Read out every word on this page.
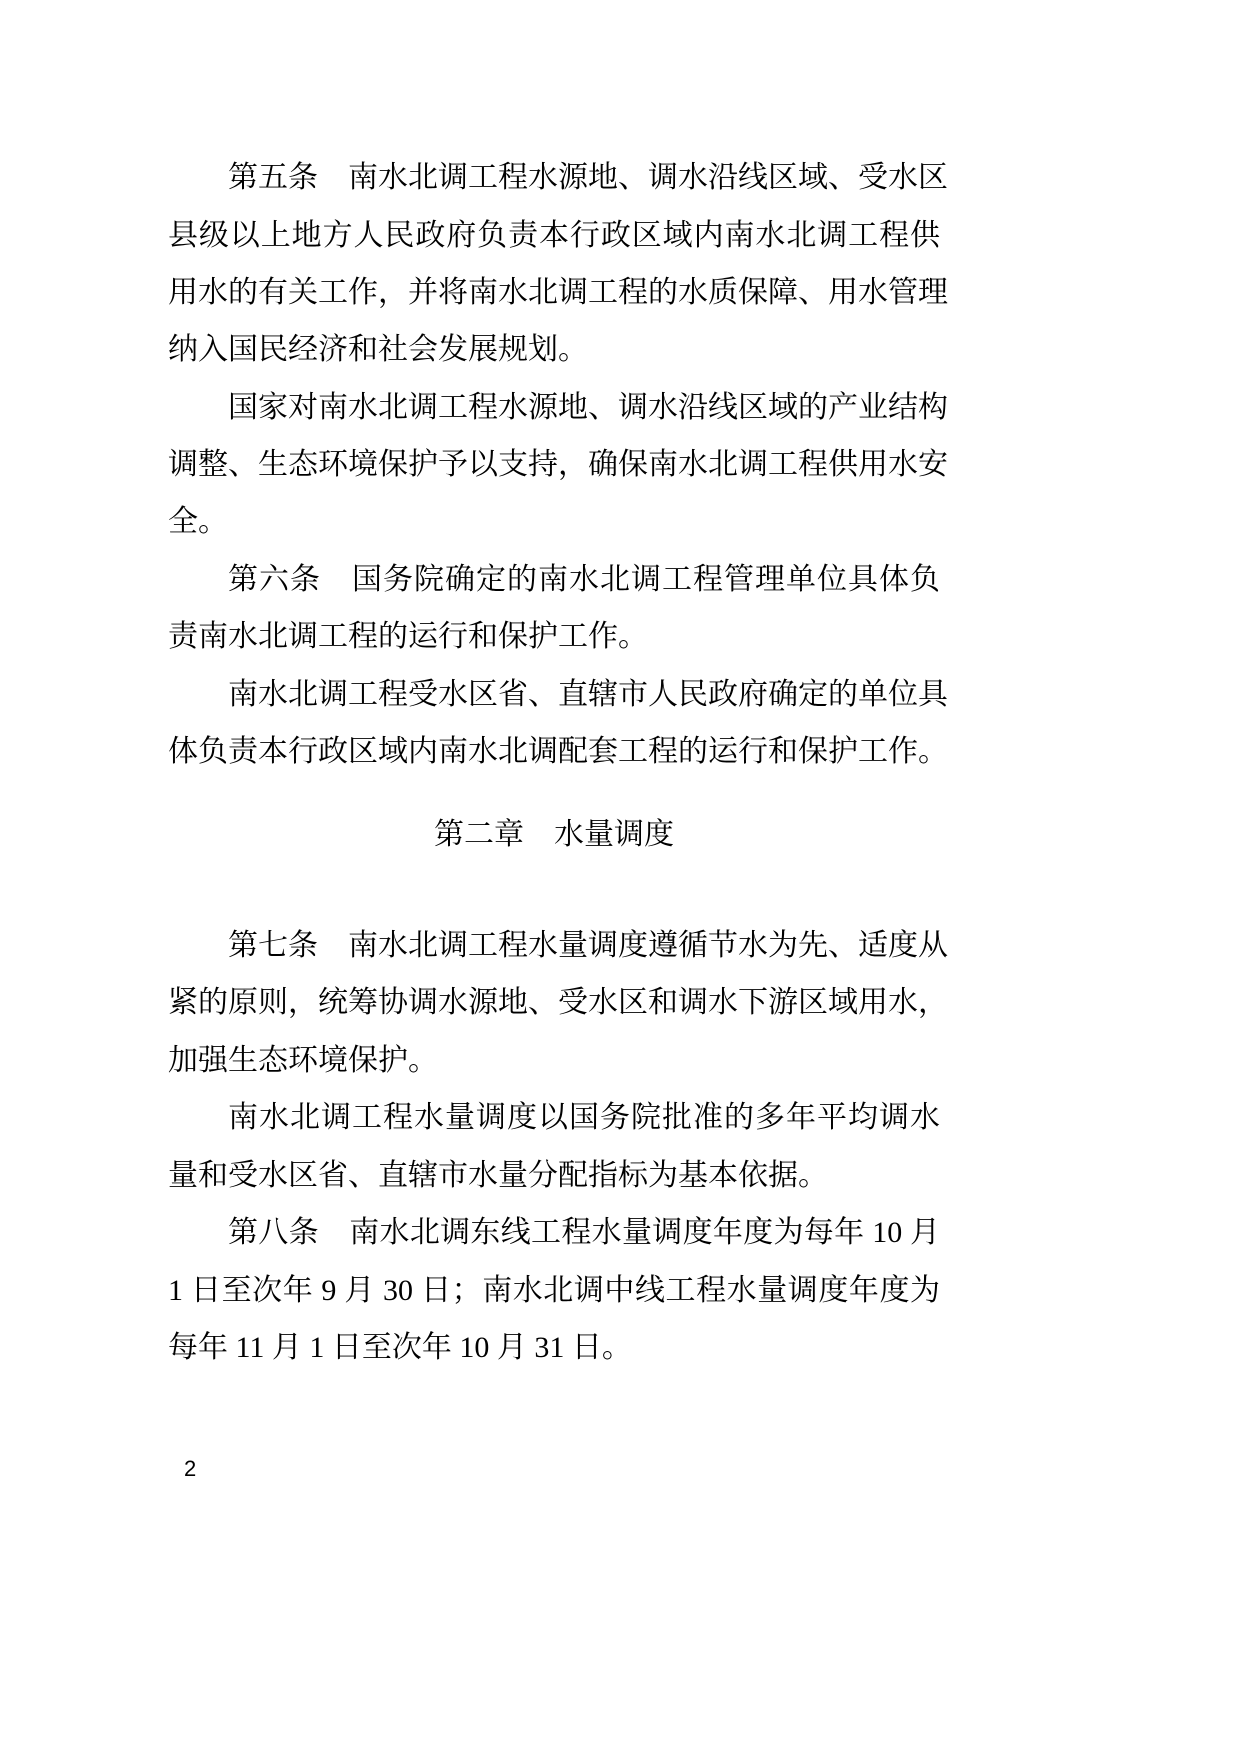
第五条　南水北调工程水源地、调水沿线区域、受水区
县级以上地方人民政府负责本行政区域内南水北调工程供
用水的有关工作，并将南水北调工程的水质保障、用水管理
纳入国民经济和社会发展规划。
国家对南水北调工程水源地、调水沿线区域的产业结构
调整、生态环境保护予以支持，确保南水北调工程供用水安
全。
第六条　国务院确定的南水北调工程管理单位具体负
责南水北调工程的运行和保护工作。
南水北调工程受水区省、直辖市人民政府确定的单位具
体负责本行政区域内南水北调配套工程的运行和保护工作。
第二章　水量调度
第七条　南水北调工程水量调度遵循节水为先、适度从
紧的原则，统筹协调水源地、受水区和调水下游区域用水，
加强生态环境保护。
南水北调工程水量调度以国务院批准的多年平均调水
量和受水区省、直辖市水量分配指标为基本依据。
第八条　南水北调东线工程水量调度年度为每年 10 月
1 日至次年 9 月 30 日；南水北调中线工程水量调度年度为
每年 11 月 1 日至次年 10 月 31 日。
2
